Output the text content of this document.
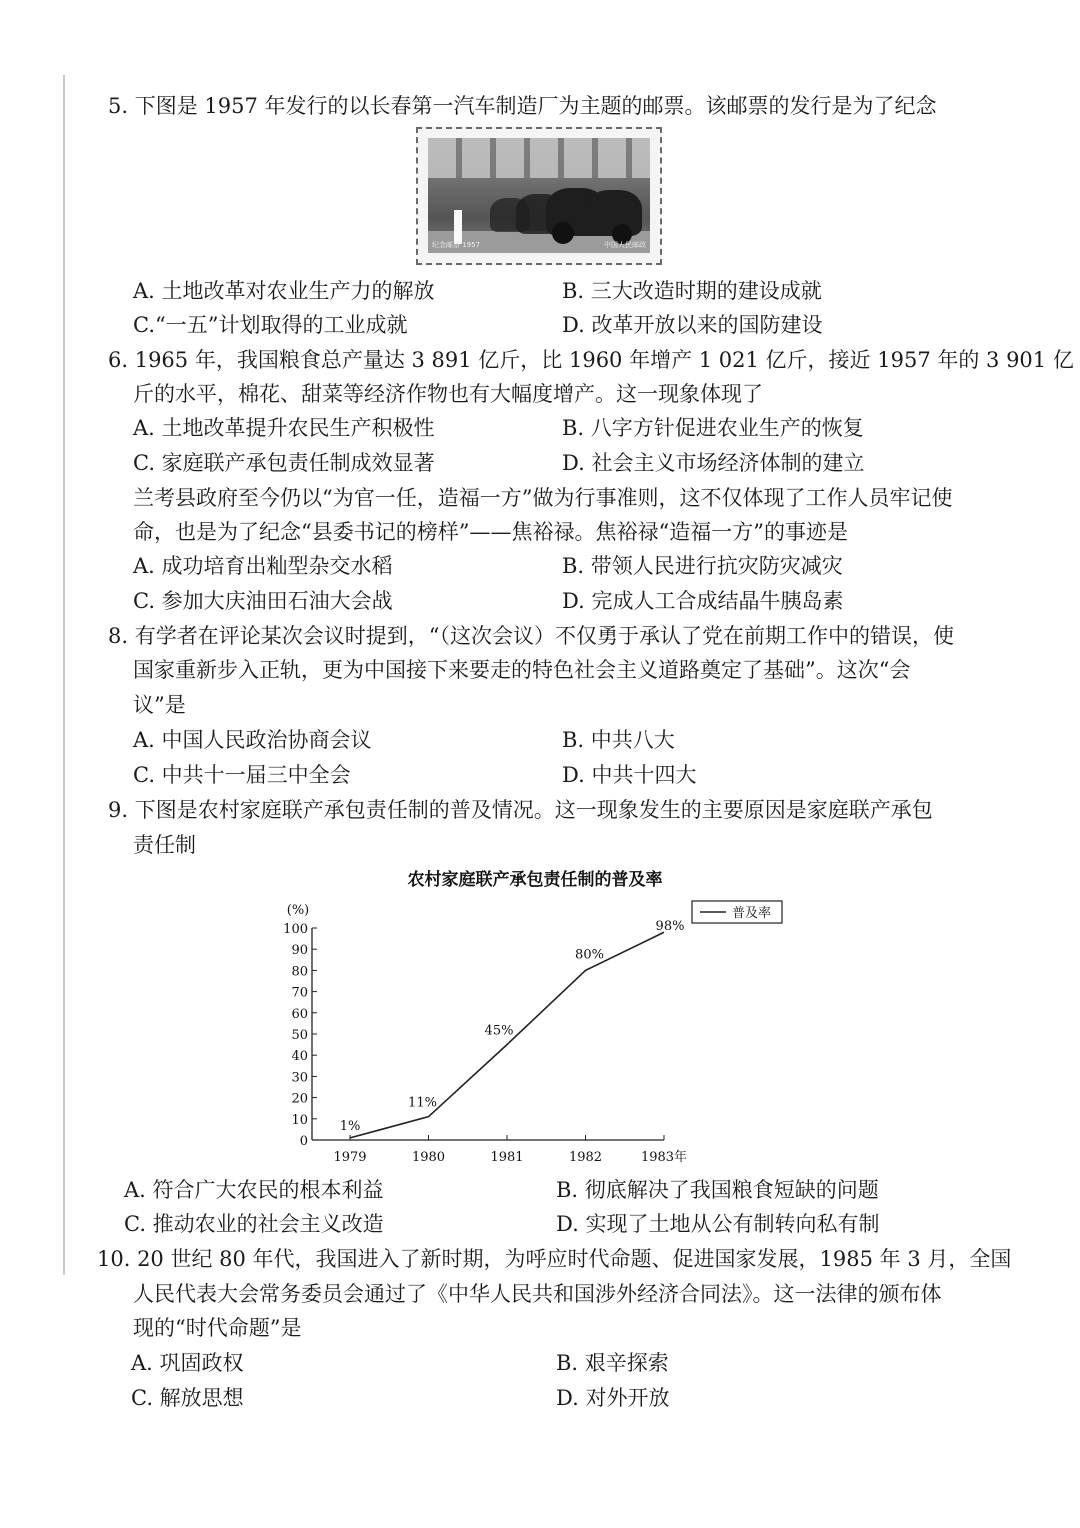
5. 下图是 1957 年发行的以长春第一汽车制造厂为主题的邮票。该邮票的发行是为了纪念
纪念邮票 1957	中国人民邮政
A. 土地改革对农业生产力的解放	B. 三大改造时期的建设成就
C.“一五”计划取得的工业成就	D. 改革开放以来的国防建设
6. 1965 年，我国粮食总产量达 3 891 亿斤，比 1960 年增产 1 021 亿斤，接近 1957 年的 3 901 亿
斤的水平，棉花、甜菜等经济作物也有大幅度增产。这一现象体现了
A. 土地改革提升农民生产积极性	B. 八字方针促进农业生产的恢复
C. 家庭联产承包责任制成效显著	D. 社会主义市场经济体制的建立
兰考县政府至今仍以“为官一任，造福一方”做为行事准则，这不仅体现了工作人员牢记使
命，也是为了纪念“县委书记的榜样”——焦裕禄。焦裕禄“造福一方”的事迹是
A. 成功培育出籼型杂交水稻	B. 带领人民进行抗灾防灾减灾
C. 参加大庆油田石油大会战	D. 完成人工合成结晶牛胰岛素
8. 有学者在评论某次会议时提到，“（这次会议）不仅勇于承认了党在前期工作中的错误，使
国家重新步入正轨，更为中国接下来要走的特色社会主义道路奠定了基础”。这次“会
议”是
A. 中国人民政治协商会议	B. 中共八大
C. 中共十一届三中全会	D. 中共十四大
9. 下图是农村家庭联产承包责任制的普及情况。这一现象发生的主要原因是家庭联产承包
责任制
农村家庭联产承包责任制的普及率
(%)
0
10
20
30
40
50
60
70
80
90
100
1979	1980	1981	1982	1983年
1%
11%
45%
80%
98%
普及率
A. 符合广大农民的根本利益	B. 彻底解决了我国粮食短缺的问题
C. 推动农业的社会主义改造	D. 实现了土地从公有制转向私有制
10. 20 世纪 80 年代，我国进入了新时期，为呼应时代命题、促进国家发展，1985 年 3 月，全国
人民代表大会常务委员会通过了《中华人民共和国涉外经济合同法》。这一法律的颁布体
现的“时代命题”是
A. 巩固政权	B. 艰辛探索
C. 解放思想	D. 对外开放
